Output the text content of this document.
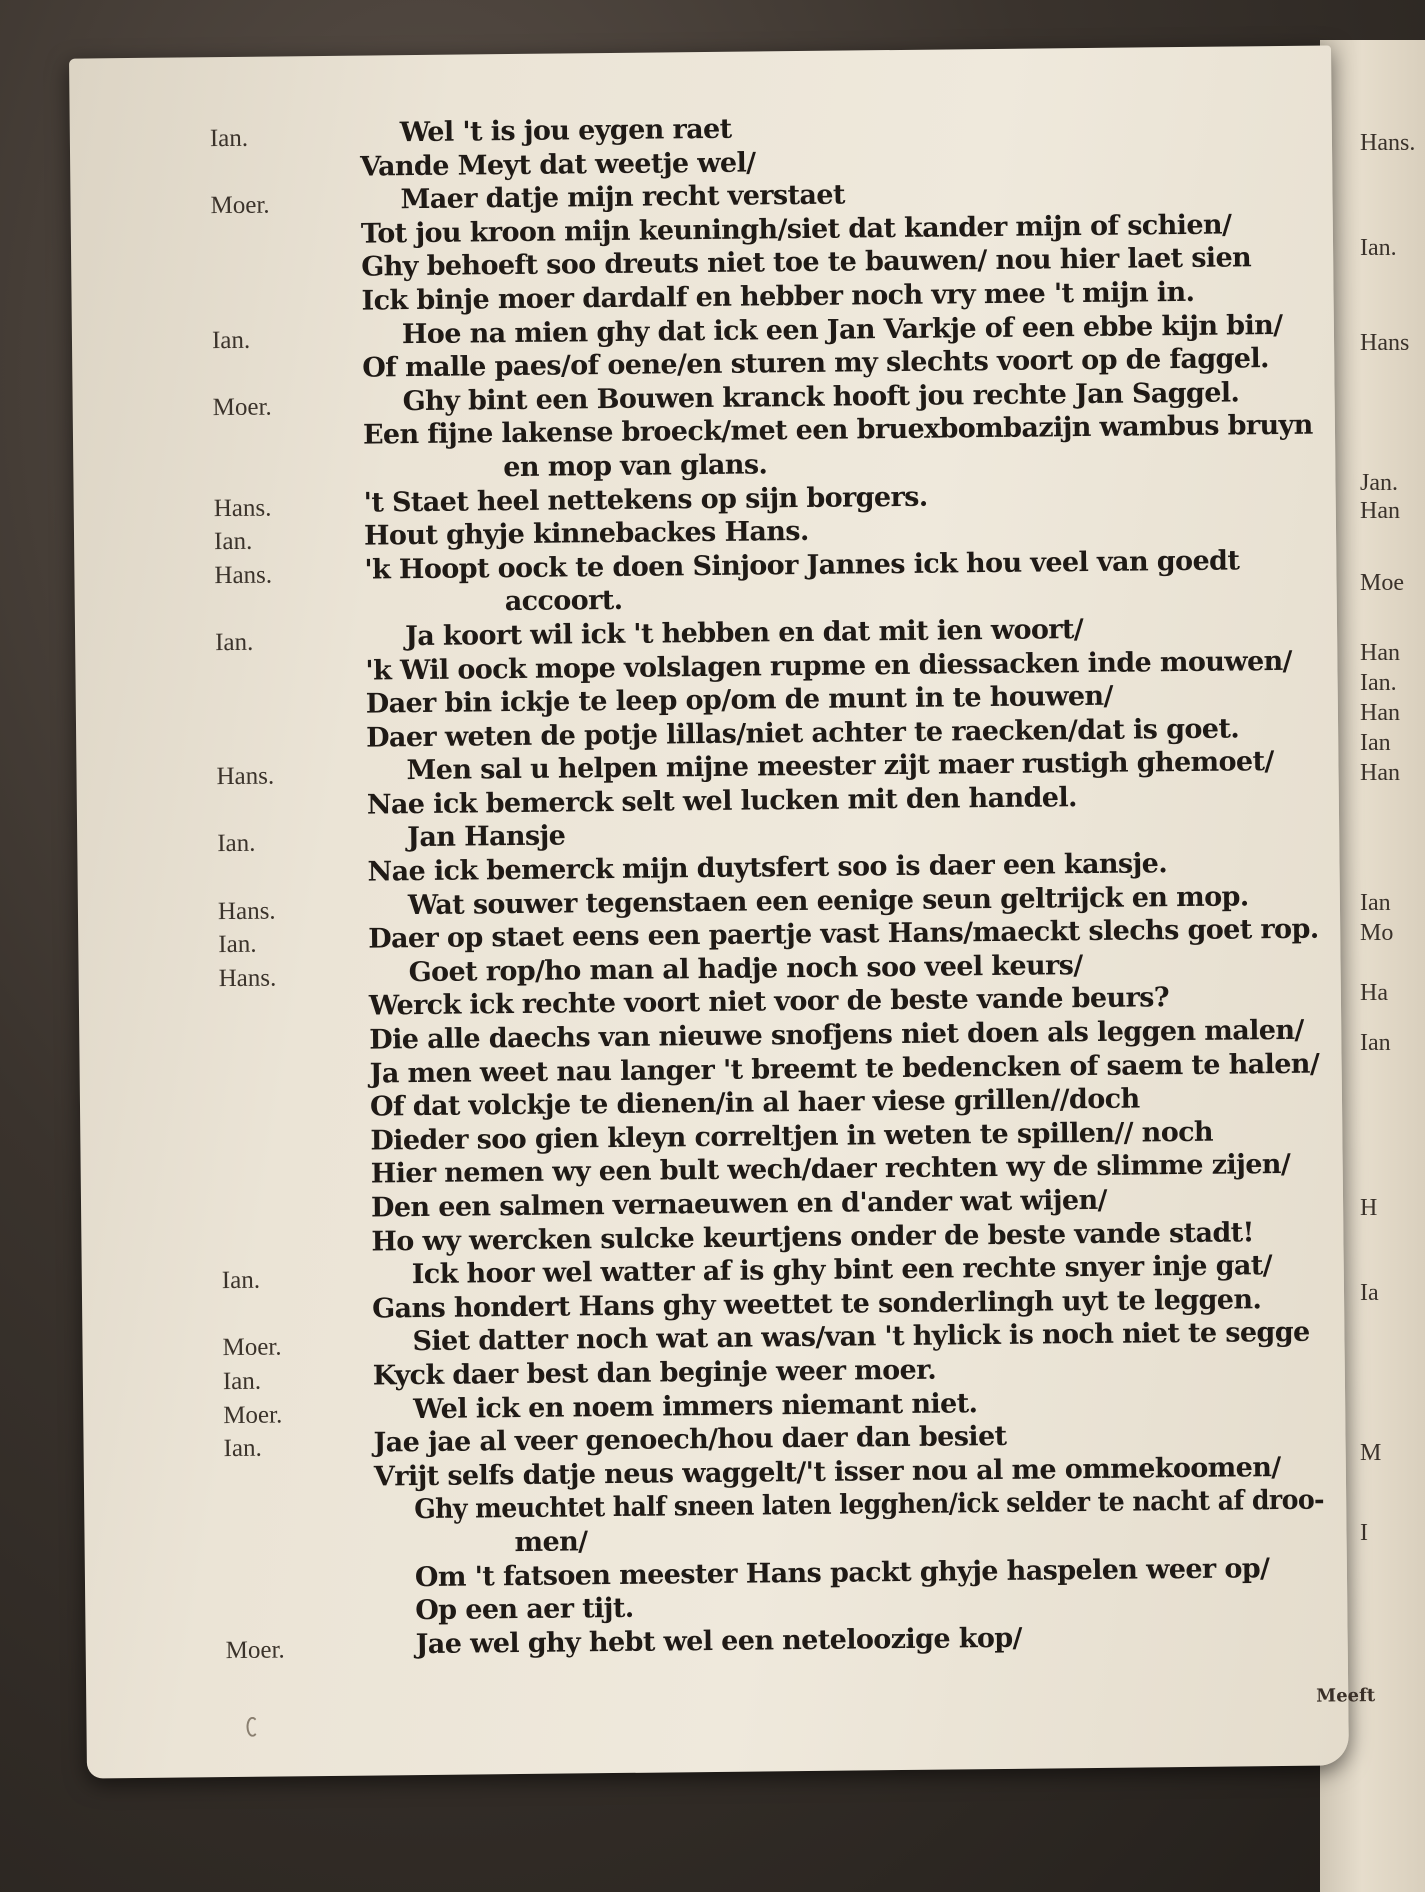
Hans.
Ian.
Hans
Jan.
Han
Moe
Han
Ian.
Han
Ian
Han
Ian
Mo
Ha
Ian
H
Ia
M
I
Ian.	Wel 't is jou eygen raet
Vande Meyt dat weetje wel/
Moer.	Maer datje mijn recht verstaet
Tot jou kroon mijn keuningh/siet dat kander mijn of schien/
Ghy behoeft soo dreuts niet toe te bauwen/ nou hier laet sien
Ick binje moer dardalf en hebber noch vry mee 't mijn in.
Ian.	Hoe na mien ghy dat ick een Jan Varkje of een ebbe kijn bin/
Of malle paes/of oene/en sturen my slechts voort op de faggel.
Moer.	Ghy bint een Bouwen kranck hooft jou rechte Jan Saggel.
Een fijne lakense broeck/met een bruexbombazijn wambus bruyn
en mop van glans.
Hans.	't Staet heel nettekens op sijn borgers.
Ian.	Hout ghyje kinnebackes Hans.
Hans.	'k Hoopt oock te doen Sinjoor Jannes ick hou veel van goedt
accoort.
Ian.	Ja koort wil ick 't hebben en dat mit ien woort/
'k Wil oock mope volslagen rupme en diessacken inde mouwen/
Daer bin ickje te leep op/om de munt in te houwen/
Daer weten de potje lillas/niet achter te raecken/dat is goet.
Hans.	Men sal u helpen mijne meester zijt maer rustigh ghemoet/
Nae ick bemerck selt wel lucken mit den handel.
Ian.	Jan Hansje
Nae ick bemerck mijn duytsfert soo is daer een kansje.
Hans.	Wat souwer tegenstaen een eenige seun geltrijck en mop.
Ian.	Daer op staet eens een paertje vast Hans/maeckt slechs goet rop.
Hans.	Goet rop/ho man al hadje noch soo veel keurs/
Werck ick rechte voort niet voor de beste vande beurs?
Die alle daechs van nieuwe snofjens niet doen als leggen malen/
Ja men weet nau langer 't breemt te bedencken of saem te halen/
Of dat volckje te dienen/in al haer viese grillen//doch
Dieder soo gien kleyn correltjen in weten te spillen// noch
Hier nemen wy een bult wech/daer rechten wy de slimme zijen/
Den een salmen vernaeuwen en d'ander wat wijen/
Ho wy wercken sulcke keurtjens onder de beste vande stadt!
Ian.	Ick hoor wel watter af is ghy bint een rechte snyer inje gat/
Gans hondert Hans ghy weettet te sonderlingh uyt te leggen.
Moer.	Siet datter noch wat an was/van 't hylick is noch niet te segge
Ian.	Kyck daer best dan beginje weer moer.
Moer.	Wel ick en noem immers niemant niet.
Ian.	Jae jae al veer genoech/hou daer dan besiet
Vrijt selfs datje neus waggelt/'t isser nou al me ommekoomen/
Ghy meuchtet half sneen laten legghen/ick selder te nacht af droo-
men/
Om 't fatsoen meester Hans packt ghyje haspelen weer op/
Op een aer tijt.
Moer.	Jae wel ghy hebt wel een neteloozige kop/
Meeft
